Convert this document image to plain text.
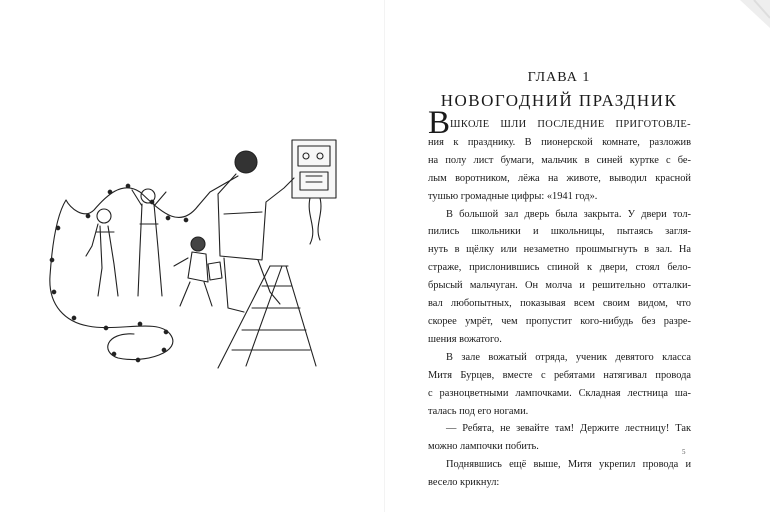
ГЛАВА 1
НОВОГОДНИЙ ПРАЗДНИК
В ШКОЛЕ ШЛИ ПОСЛЕДНИЕ ПРИГОТОВЛЕ-
ния к празднику. В пионерской комнате, разложив
на полу лист бумаги, мальчик в синей куртке с бе-
лым воротником, лёжа на животе, выводил красной
тушью громадные цифры: «1941 год».
В большой зал дверь была закрыта. У двери тол-
пились школьники и школьницы, пытаясь загля-
нуть в щёлку или незаметно прошмыгнуть в зал. На
страже, прислонившись спиной к двери, стоял бело-
брысый мальчуган. Он молча и решительно отталки-
вал любопытных, показывая всем своим видом, что
скорее умрёт, чем пропустит кого-нибудь без разре-
шения вожатого.
В зале вожатый отряда, ученик девятого класса
Митя Бурцев, вместе с ребятами натягивал провода
с разноцветными лампочками. Складная лестница ша-
талась под его ногами.
— Ребята, не зевайте там! Держите лестницу! Так
можно лампочки побить.
Поднявшись ещё выше, Митя укрепил провода и
весело крикнул:
5
